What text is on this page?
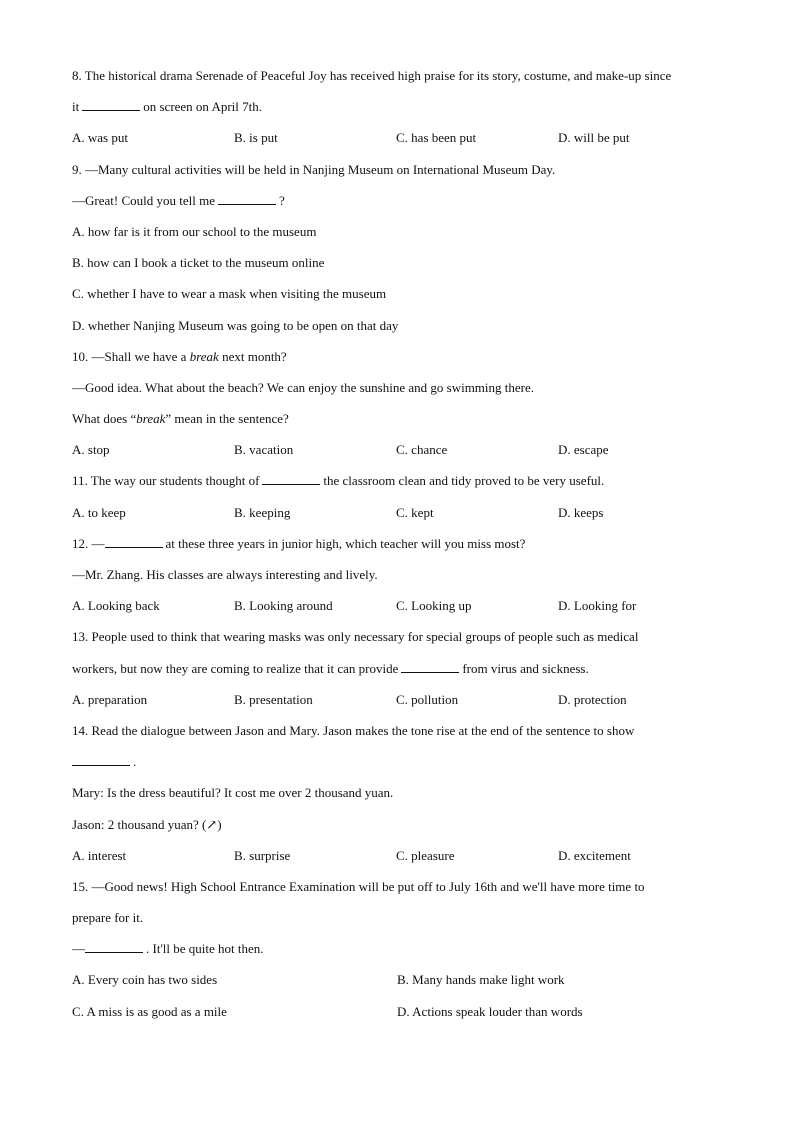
8. The historical drama Serenade of Peaceful Joy has received high praise for its story, costume, and make-up since
it	on screen on April 7th.
A. was put	B. is put	C. has been put	D. will be put
9. —Many cultural activities will be held in Nanjing Museum on International Museum Day.
—Great! Could you tell me	?
A. how far is it from our school to the museum
B. how can I book a ticket to the museum online
C. whether I have to wear a mask when visiting the museum
D. whether Nanjing Museum was going to be open on that day
10. —Shall we have a break next month?
—Good idea. What about the beach? We can enjoy the sunshine and go swimming there.
What does “break” mean in the sentence?
A. stop	B. vacation	C. chance	D. escape
11. The way our students thought of	the classroom clean and tidy proved to be very useful.
A. to keep	B. keeping	C. kept	D. keeps
12. —	at these three years in junior high, which teacher will you miss most?
—Mr. Zhang. His classes are always interesting and lively.
A. Looking back	B. Looking around	C. Looking up	D. Looking for
13. People used to think that wearing masks was only necessary for special groups of people such as medical
workers, but now they are coming to realize that it can provide	from virus and sickness.
A. preparation	B. presentation	C. pollution	D. protection
14. Read the dialogue between Jason and Mary. Jason makes the tone rise at the end of the sentence to show
.
Mary: Is the dress beautiful? It cost me over 2 thousand yuan.
Jason: 2 thousand yuan? (↗)
A. interest	B. surprise	C. pleasure	D. excitement
15. —Good news! High School Entrance Examination will be put off to July 16th and we'll have more time to
prepare for it.
—	. It'll be quite hot then.
A. Every coin has two sides	B. Many hands make light work
C. A miss is as good as a mile	D. Actions speak louder than words
